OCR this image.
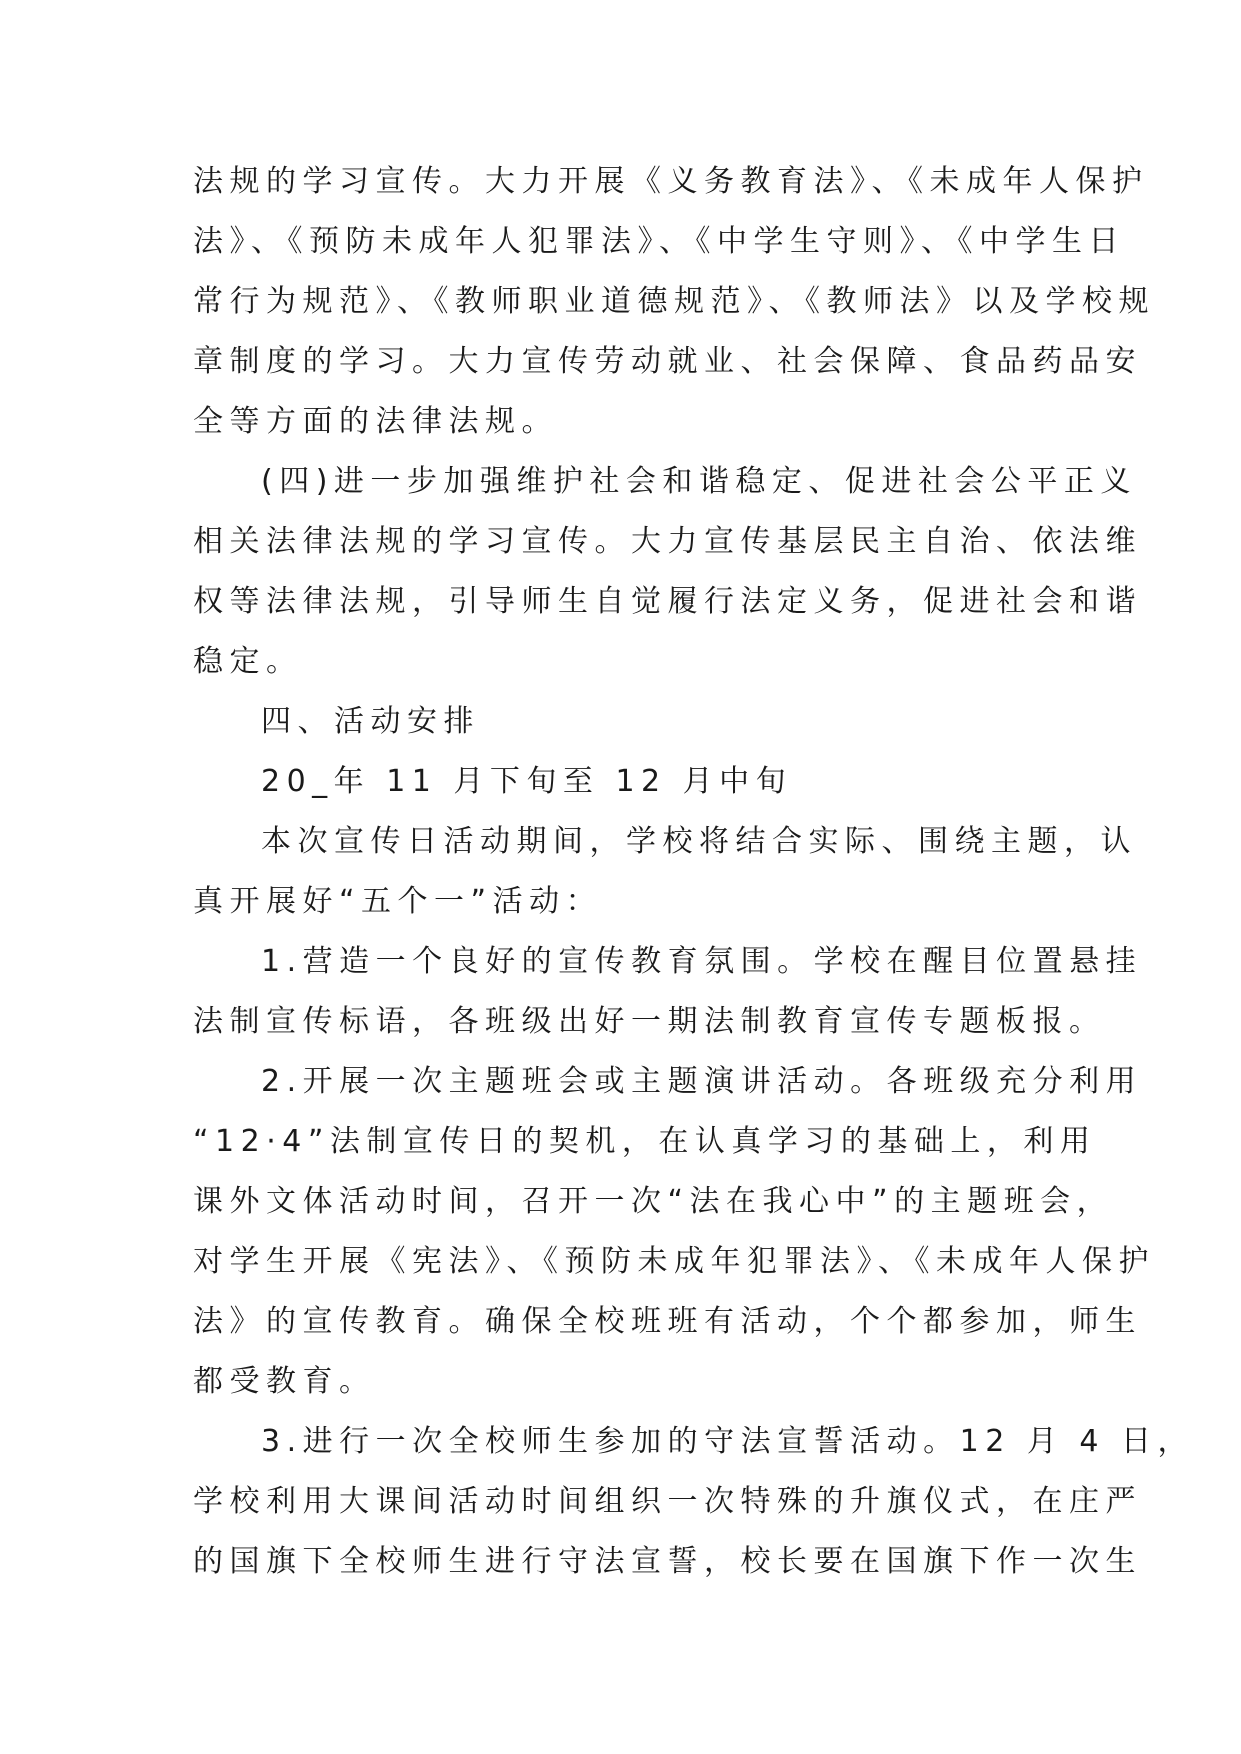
法规的学习宣传。大力开展《义务教育法》、《未成年人保护
法》、《预防未成年人犯罪法》、《中学生守则》、《中学生日
常行为规范》、《教师职业道德规范》、《教师法》以及学校规
章制度的学习。大力宣传劳动就业、社会保障、食品药品安
全等方面的法律法规。
(四)进一步加强维护社会和谐稳定、促进社会公平正义
相关法律法规的学习宣传。大力宣传基层民主自治、依法维
权等法律法规，引导师生自觉履行法定义务，促进社会和谐
稳定。
四、活动安排
20_年 11 月下旬至 12 月中旬
本次宣传日活动期间，学校将结合实际、围绕主题，认
真开展好“五个一”活动：
1.营造一个良好的宣传教育氛围。学校在醒目位置悬挂
法制宣传标语，各班级出好一期法制教育宣传专题板报。
2.开展一次主题班会或主题演讲活动。各班级充分利用
“12·4”法制宣传日的契机，在认真学习的基础上，利用
课外文体活动时间，召开一次“法在我心中”的主题班会，
对学生开展《宪法》、《预防未成年犯罪法》、《未成年人保护
法》的宣传教育。确保全校班班有活动，个个都参加，师生
都受教育。
3.进行一次全校师生参加的守法宣誓活动。12 月 4 日，
学校利用大课间活动时间组织一次特殊的升旗仪式，在庄严
的国旗下全校师生进行守法宣誓，校长要在国旗下作一次生
